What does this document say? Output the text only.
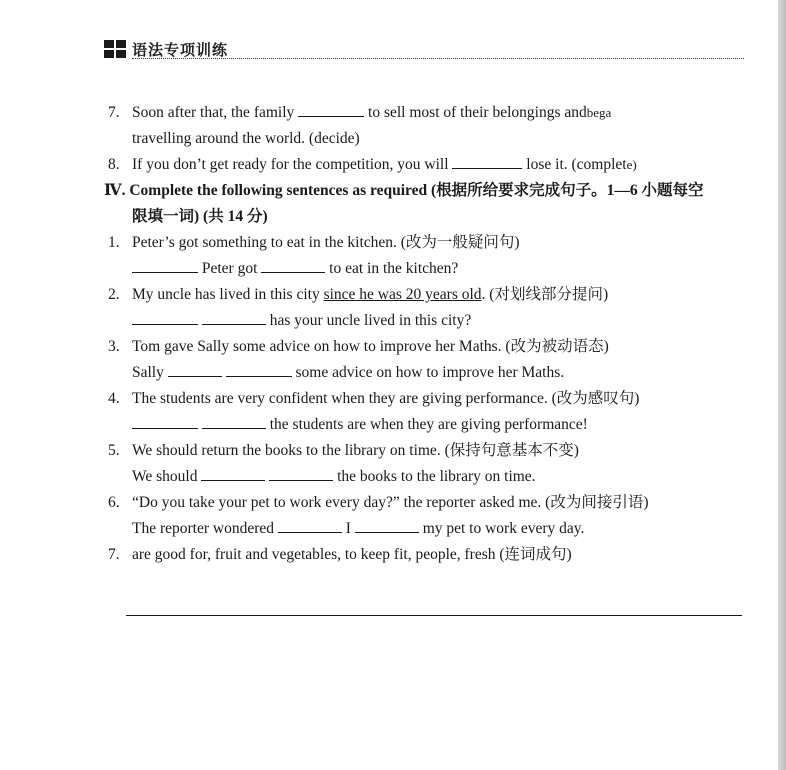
语法专项训练
7. Soon after that, the family	to sell most of their belongings andbega
travelling around the world. (decide)
8. If you don’t get ready for the competition, you will	lose it. (complete)
Ⅳ. Complete the following sentences as required (根据所给要求完成句子。1—6 小题每空
限填一词) (共 14 分)
1. Peter’s got something to eat in the kitchen. (改为一般疑问句)
Peter got	to eat in the kitchen?
2. My uncle has lived in this city since he was 20 years old. (对划线部分提问)
has your uncle lived in this city?
3. Tom gave Sally some advice on how to improve her Maths. (改为被动语态)
Sally	some advice on how to improve her Maths.
4. The students are very confident when they are giving performance. (改为感叹句)
the students are when they are giving performance!
5. We should return the books to the library on time. (保持句意基本不变)
We should	the books to the library on time.
6. “Do you take your pet to work every day?” the reporter asked me. (改为间接引语)
The reporter wondered	I	my pet to work every day.
7. are good for, fruit and vegetables, to keep fit, people, fresh (连词成句)
